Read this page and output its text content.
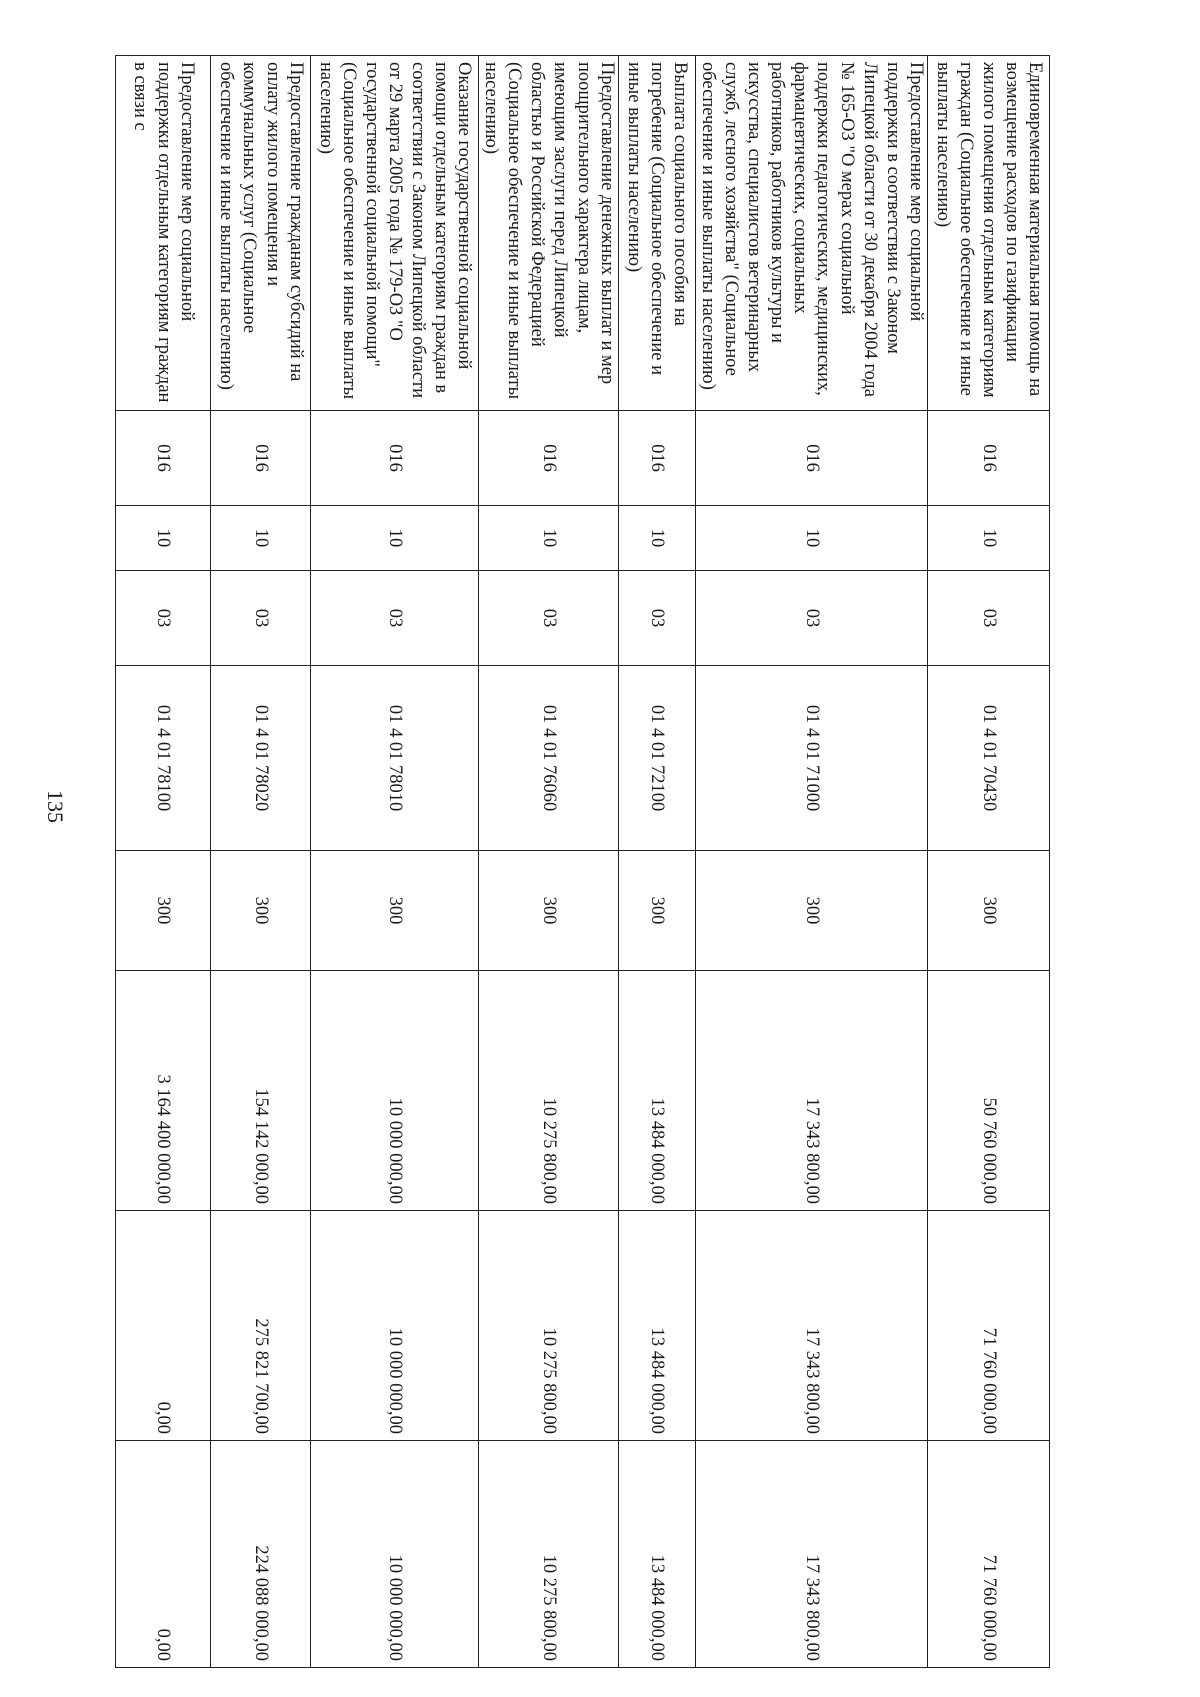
135
Единовременная материальная помощь на возмещение расходов по газификации жилого помещения отдельным категориям граждан (Социальное обеспечение и иные выплаты населению)	016	10	03	01 4 01 70430	300	50 760 000,00	71 760 000,00	71 760 000,00
Предоставление мер социальной поддержки в соответствии с Законом Липецкой области от 30 декабря 2004 года № 165-ОЗ "О мерах социальной поддержки педагогических, медицинских, фармацевтических, социальных работников, работников культуры и искусства, специалистов ветеринарных служб, лесного хозяйства" (Социальное обеспечение и иные выплаты населению)	016	10	03	01 4 01 71000	300	17 343 800,00	17 343 800,00	17 343 800,00
Выплата социального пособия на погребение (Социальное обеспечение и иные выплаты населению)	016	10	03	01 4 01 72100	300	13 484 000,00	13 484 000,00	13 484 000,00
Предоставление денежных выплат и мер поощрительного характера лицам, имеющим заслуги перед Липецкой областью и Российской Федерацией (Социальное обеспечение и иные выплаты населению)	016	10	03	01 4 01 76060	300	10 275 800,00	10 275 800,00	10 275 800,00
Оказание государственной социальной помощи отдельным категориям граждан в соответствии с Законом Липецкой области от 29 марта 2005 года № 179-ОЗ "О государственной социальной помощи" (Социальное обеспечение и иные выплаты населению)	016	10	03	01 4 01 78010	300	10 000 000,00	10 000 000,00	10 000 000,00
Предоставление гражданам субсидий на оплату жилого помещения и коммунальных услуг (Социальное обеспечение и иные выплаты населению)	016	10	03	01 4 01 78020	300	154 142 000,00	275 821 700,00	224 088 000,00
Предоставление мер социальной поддержки отдельным категориям граждан в связи с	016	10	03	01 4 01 78100	300	3 164 400 000,00	0,00	0,00
